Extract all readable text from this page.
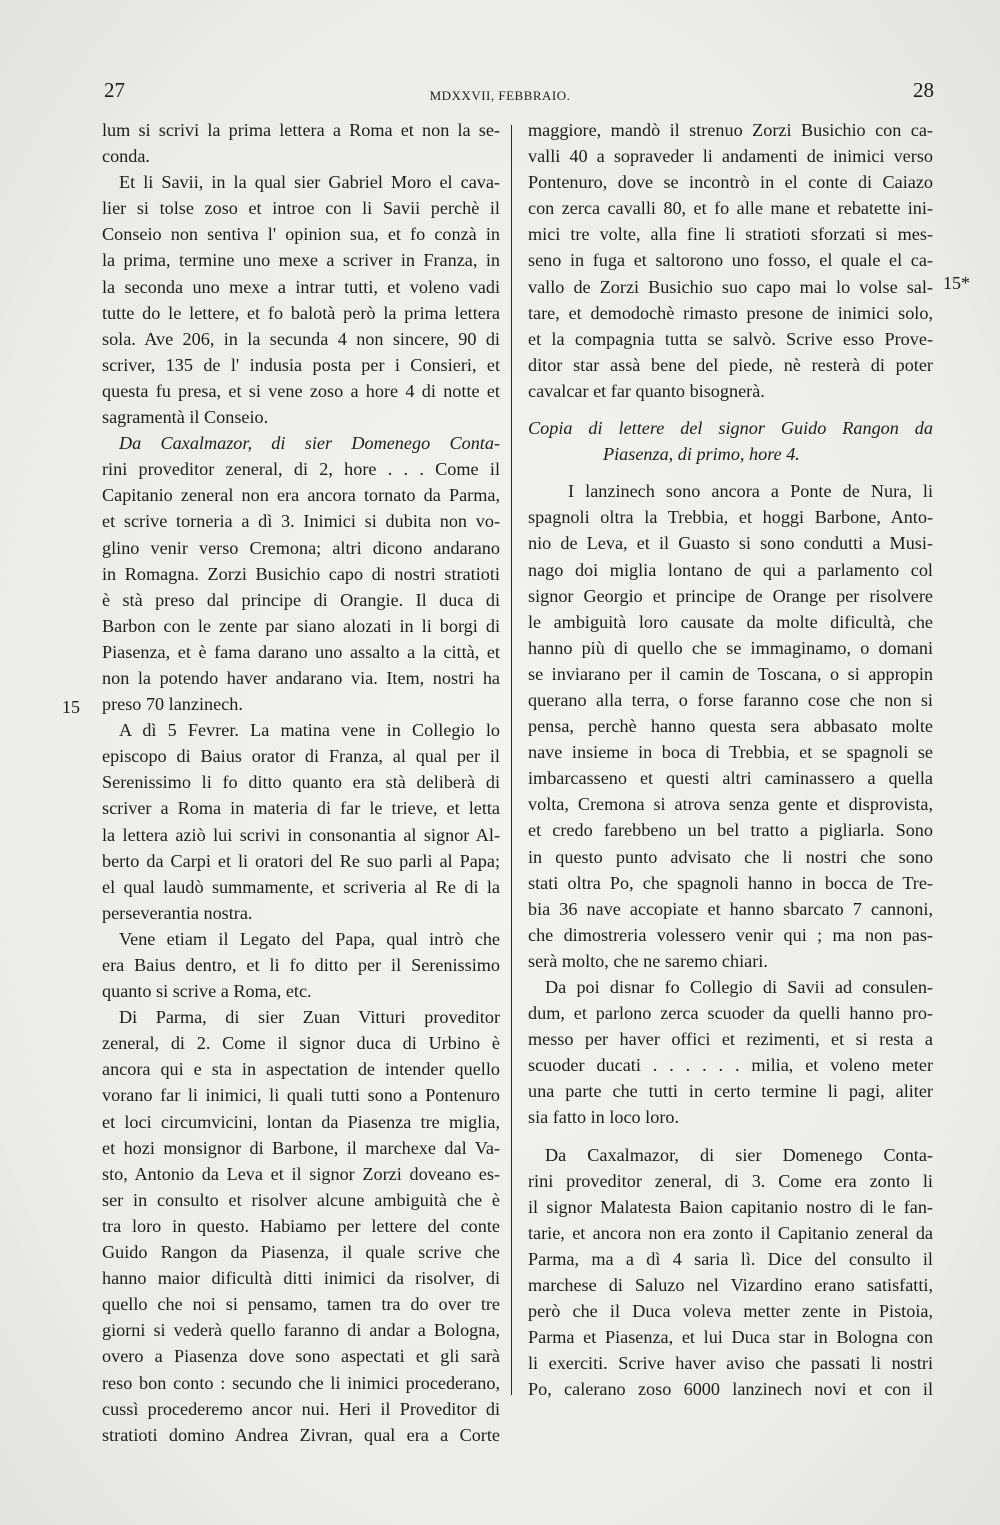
27	MDXXVII, FEBBRAIO.	28
lum si scrivi la prima lettera a Roma et non la se-
conda.
Et li Savii, in la qual sier Gabriel Moro el cava-
lier si tolse zoso et introe con li Savii perchè il
Conseio non sentiva l' opinion sua, et fo conzà in
la prima, termine uno mexe a scriver in Franza, in
la seconda uno mexe a intrar tutti, et voleno vadi
tutte do le lettere, et fo balotà però la prima lettera
sola. Ave 206, in la secunda 4 non sincere, 90 di
scriver, 135 de l' indusia posta per i Consieri, et
questa fu presa, et si vene zoso a hore 4 di notte et
sagramentà il Conseio.
Da Caxalmazor, di sier Domenego Conta-
rini proveditor zeneral, di 2, hore . . . Come il
Capitanio zeneral non era ancora tornato da Parma,
et scrive torneria a dì 3. Inimici si dubita non vo-
glino venir verso Cremona; altri dicono andarano
in Romagna. Zorzi Busichio capo di nostri stratioti
è stà preso dal principe di Orangie. Il duca di
Barbon con le zente par siano alozati in li borgi di
Piasenza, et è fama darano uno assalto a la città, et
non la potendo haver andarano via. Item, nostri ha
preso 70 lanzinech.
A dì 5 Fevrer. La matina vene in Collegio lo
episcopo di Baius orator di Franza, al qual per il
Serenissimo li fo ditto quanto era stà deliberà di
scriver a Roma in materia di far le trieve, et letta
la lettera aziò lui scrivi in consonantia al signor Al-
berto da Carpi et li oratori del Re suo parli al Papa;
el qual laudò summamente, et scriveria al Re di la
perseverantia nostra.
Vene etiam il Legato del Papa, qual intrò che
era Baius dentro, et li fo ditto per il Serenissimo
quanto si scrive a Roma, etc.
Di Parma, di sier Zuan Vitturi proveditor
zeneral, di 2. Come il signor duca di Urbino è
ancora qui e sta in aspectation de intender quello
vorano far li inimici, li quali tutti sono a Pontenuro
et loci circumvicini, lontan da Piasenza tre miglia,
et hozi monsignor di Barbone, il marchexe dal Va-
sto, Antonio da Leva et il signor Zorzi doveano es-
ser in consulto et risolver alcune ambiguità che è
tra loro in questo. Habiamo per lettere del conte
Guido Rangon da Piasenza, il quale scrive che
hanno maior dificultà ditti inimici da risolver, di
quello che noi si pensamo, tamen tra do over tre
giorni si vederà quello faranno di andar a Bologna,
overo a Piasenza dove sono aspectati et gli sarà
reso bon conto : secundo che li inimici procederano,
cussì procederemo ancor nui. Heri il Proveditor di
stratioti domino Andrea Zivran, qual era a Corte
maggiore, mandò il strenuo Zorzi Busichio con ca-
valli 40 a sopraveder li andamenti de inimici verso
Pontenuro, dove se incontrò in el conte di Caiazo
con zerca cavalli 80, et fo alle mane et rebatette ini-
mici tre volte, alla fine li stratioti sforzati si mes-
seno in fuga et saltorono uno fosso, el quale el ca-
vallo de Zorzi Busichio suo capo mai lo volse sal-
tare, et demodochè rimasto presone de inimici solo,
et la compagnia tutta se salvò. Scrive esso Prove-
ditor star assà bene del piede, nè resterà di poter
cavalcar et far quanto bisognerà.
Copia di lettere del signor Guido Rangon da
Piasenza, di primo, hore 4.
I lanzinech sono ancora a Ponte de Nura, li
spagnoli oltra la Trebbia, et hoggi Barbone, Anto-
nio de Leva, et il Guasto si sono condutti a Musi-
nago doi miglia lontano de qui a parlamento col
signor Georgio et principe de Orange per risolvere
le ambiguità loro causate da molte dificultà, che
hanno più di quello che se immaginamo, o domani
se inviarano per il camin de Toscana, o si appropin
querano alla terra, o forse faranno cose che non si
pensa, perchè hanno questa sera abbasato molte
nave insieme in boca di Trebbia, et se spagnoli se
imbarcasseno et questi altri caminassero a quella
volta, Cremona si atrova senza gente et disprovista,
et credo farebbeno un bel tratto a pigliarla. Sono
in questo punto advisato che li nostri che sono
stati oltra Po, che spagnoli hanno in bocca de Tre-
bia 36 nave accopiate et hanno sbarcato 7 cannoni,
che dimostreria volessero venir qui ; ma non pas-
serà molto, che ne saremo chiari.
Da poi disnar fo Collegio di Savii ad consulen-
dum, et parlono zerca scuoder da quelli hanno pro-
messo per haver offici et rezimenti, et si resta a
scuoder ducati . . . . . . milia, et voleno meter
una parte che tutti in certo termine li pagi, aliter
sia fatto in loco loro.
Da Caxalmazor, di sier Domenego Conta-
rini proveditor zeneral, di 3. Come era zonto li
il signor Malatesta Baion capitanio nostro di le fan-
tarie, et ancora non era zonto il Capitanio zeneral da
Parma, ma a dì 4 saria lì. Dice del consulto il
marchese di Saluzo nel Vizardino erano satisfatti,
però che il Duca voleva metter zente in Pistoia,
Parma et Piasenza, et lui Duca star in Bologna con
li exerciti. Scrive haver aviso che passati li nostri
Po, calerano zoso 6000 lanzinech novi et con il
15
15*
